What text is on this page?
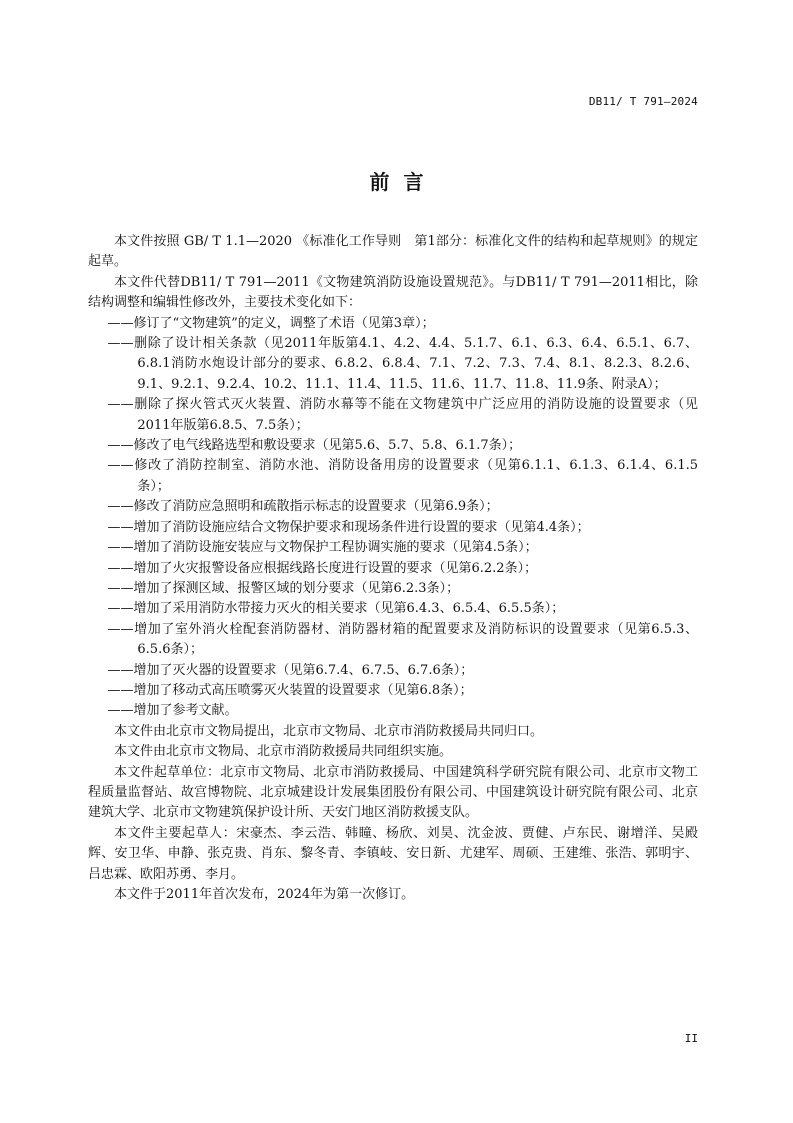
DB11/ T 791—2024
前言

本文件按照 GB/ T 1.1—2020 《标准化工作导则　第1部分：标准化文件的结构和起草规则》的规定起草。

本文件代替DB11/ T 791—2011《文物建筑消防设施设置规范》。与DB11/ T 791—2011相比，除结构调整和编辑性修改外，主要技术变化如下：

——修订了“文物建筑”的定义，调整了术语（见第3章）；

——删除了设计相关条款（见2011年版第4.1、4.2、4.4、5.1.7、6.1、6.3、6.4、6.5.1、6.7、6.8.1消防水炮设计部分的要求、6.8.2、6.8.4、7.1、7.2、7.3、7.4、8.1、8.2.3、8.2.6、9.1、9.2.1、9.2.4、10.2、11.1、11.4、11.5、11.6、11.7、11.8、11.9条、附录A）；

——删除了探火管式灭火装置、消防水幕等不能在文物建筑中广泛应用的消防设施的设置要求（见2011年版第6.8.5、7.5条）；

——修改了电气线路选型和敷设要求（见第5.6、5.7、5.8、6.1.7条）；

——修改了消防控制室、消防水池、消防设备用房的设置要求（见第6.1.1、6.1.3、6.1.4、6.1.5条）；

——修改了消防应急照明和疏散指示标志的设置要求（见第6.9条）；

——增加了消防设施应结合文物保护要求和现场条件进行设置的要求（见第4.4条）；

——增加了消防设施安装应与文物保护工程协调实施的要求（见第4.5条）；

——增加了火灾报警设备应根据线路长度进行设置的要求（见第6.2.2条）；

——增加了探测区域、报警区域的划分要求（见第6.2.3条）；

——增加了采用消防水带接力灭火的相关要求（见第6.4.3、6.5.4、6.5.5条）；

——增加了室外消火栓配套消防器材、消防器材箱的配置要求及消防标识的设置要求（见第6.5.3、6.5.6条）；

——增加了灭火器的设置要求（见第6.7.4、6.7.5、6.7.6条）；

——增加了移动式高压喷雾灭火装置的设置要求（见第6.8条）；

——增加了参考文献。

本文件由北京市文物局提出，北京市文物局、北京市消防救援局共同归口。

本文件由北京市文物局、北京市消防救援局共同组织实施。

本文件起草单位：北京市文物局、北京市消防救援局、中国建筑科学研究院有限公司、北京市文物工程质量监督站、故宫博物院、北京城建设计发展集团股份有限公司、中国建筑设计研究院有限公司、北京建筑大学、北京市文物建筑保护设计所、天安门地区消防救援支队。

本文件主要起草人：宋豪杰、李云浩、韩瞳、杨欣、刘昊、沈金波、贾健、卢东民、谢增洋、吴殿辉、安卫华、申静、张克贵、肖东、黎冬青、李镇岐、安日新、尤建军、周硕、王建维、张浩、郭明宇、吕忠霖、欧阳苏勇、李月。

本文件于2011年首次发布，2024年为第一次修订。

II
